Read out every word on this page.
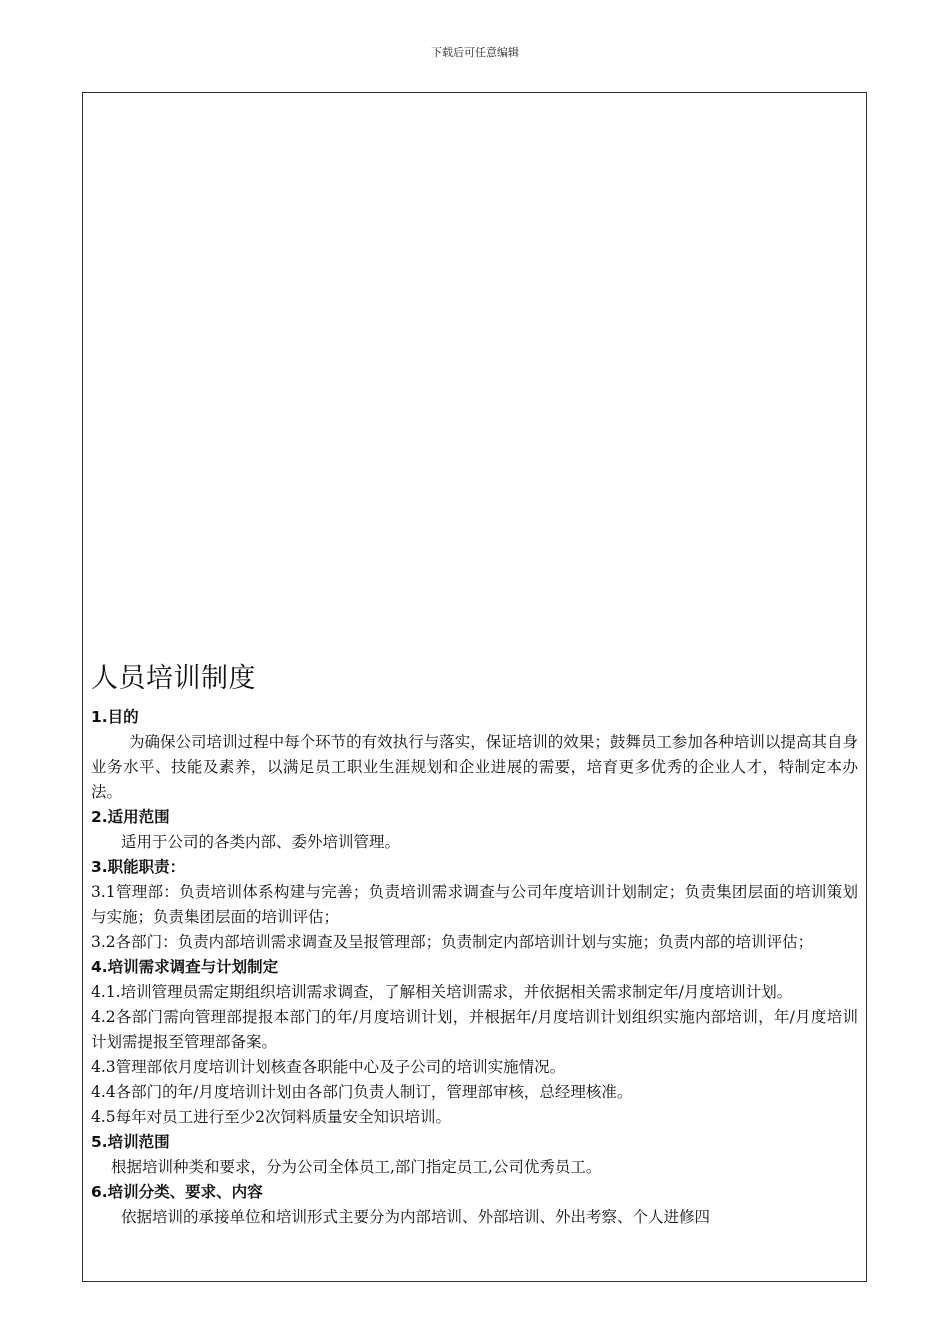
下载后可任意编辑
人员培训制度

1.目的

为确保公司培训过程中每个环节的有效执行与落实，保证培训的效果；鼓舞员工参加各种培训以提高其自身业务水平、技能及素养，以满足员工职业生涯规划和企业进展的需要，培育更多优秀的企业人才，特制定本办法。

2.适用范围

适用于公司的各类内部、委外培训管理。

3.职能职责：

3.1管理部：负责培训体系构建与完善；负责培训需求调查与公司年度培训计划制定；负责集团层面的培训策划与实施；负责集团层面的培训评估；

3.2各部门：负责内部培训需求调查及呈报管理部；负责制定内部培训计划与实施；负责内部的培训评估；

4.培训需求调查与计划制定

4.1.培训管理员需定期组织培训需求调查，了解相关培训需求，并依据相关需求制定年/月度培训计划。

4.2各部门需向管理部提报本部门的年/月度培训计划，并根据年/月度培训计划组织实施内部培训，年/月度培训计划需提报至管理部备案。

4.3管理部依月度培训计划核查各职能中心及子公司的培训实施情况。

4.4各部门的年/月度培训计划由各部门负责人制订，管理部审核，总经理核准。

4.5每年对员工进行至少2次饲料质量安全知识培训。

5.培训范围

根据培训种类和要求，分为公司全体员工,部门指定员工,公司优秀员工。

6.培训分类、要求、内容

依据培训的承接单位和培训形式主要分为内部培训、外部培训、外出考察、个人进修四
